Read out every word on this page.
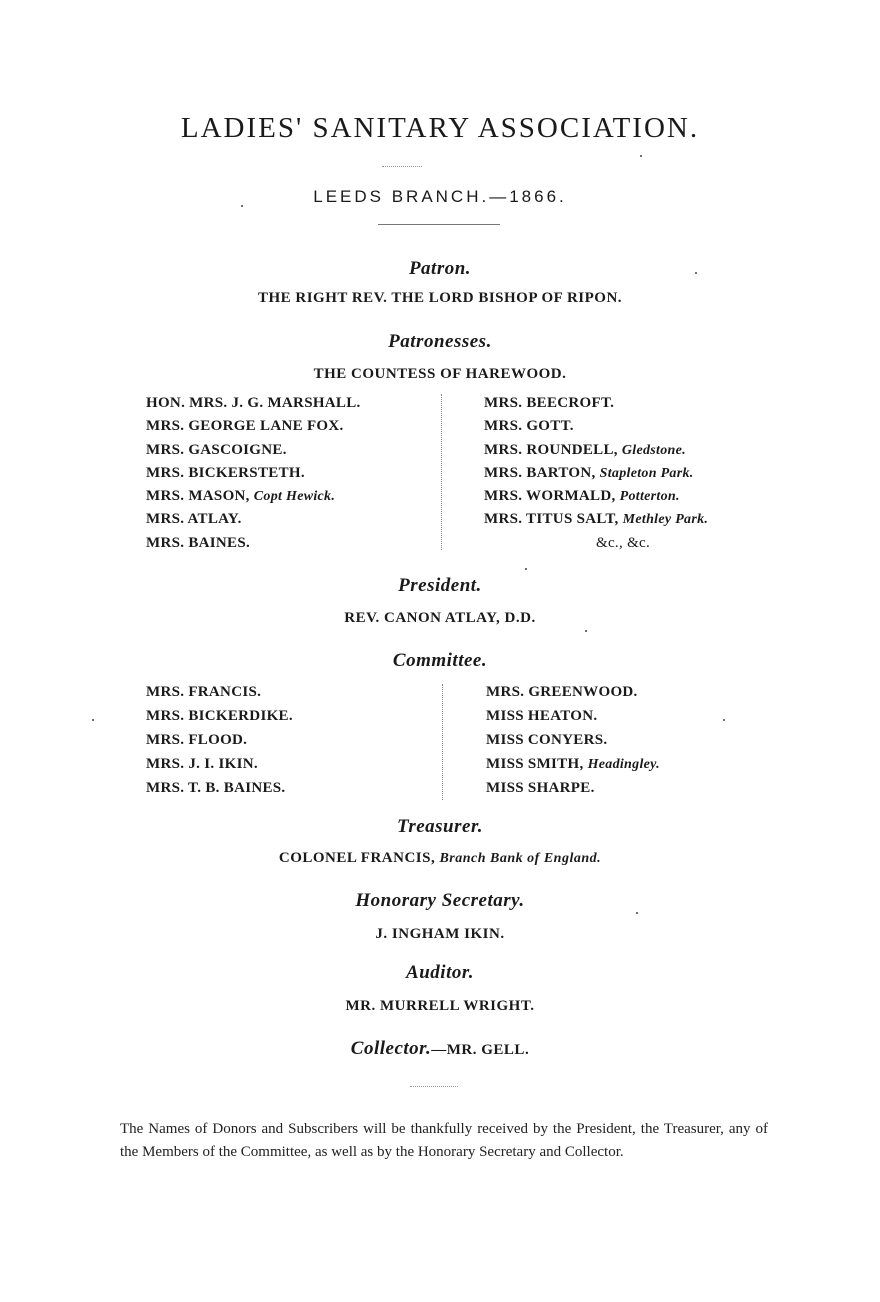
LADIES' SANITARY ASSOCIATION.
LEEDS BRANCH.—1866.
Patron.
THE RIGHT REV. THE LORD BISHOP OF RIPON.
Patronesses.
THE COUNTESS OF HAREWOOD.
HON. MRS. J. G. MARSHALL.
MRS. GEORGE LANE FOX.
MRS. GASCOIGNE.
MRS. BICKERSTETH.
MRS. MASON, Copt Hewick.
MRS. ATLAY.
MRS. BAINES.
MRS. BEECROFT.
MRS. GOTT.
MRS. ROUNDELL, Gledstone.
MRS. BARTON, Stapleton Park.
MRS. WORMALD, Potterton.
MRS. TITUS SALT, Methley Park.
&c., &c.
President.
REV. CANON ATLAY, D.D.
Committee.
MRS. FRANCIS.
MRS. BICKERDIKE.
MRS. FLOOD.
MRS. J. I. IKIN.
MRS. T. B. BAINES.
MRS. GREENWOOD.
MISS HEATON.
MISS CONYERS.
MISS SMITH, Headingley.
MISS SHARPE.
Treasurer.
COLONEL FRANCIS, Branch Bank of England.
Honorary Secretary.
J. INGHAM IKIN.
Auditor.
MR. MURRELL WRIGHT.
Collector.—MR. GELL.
The Names of Donors and Subscribers will be thankfully received by the President, the Treasurer, any of the Members of the Committee, as well as by the Honorary Secretary and Collector.
